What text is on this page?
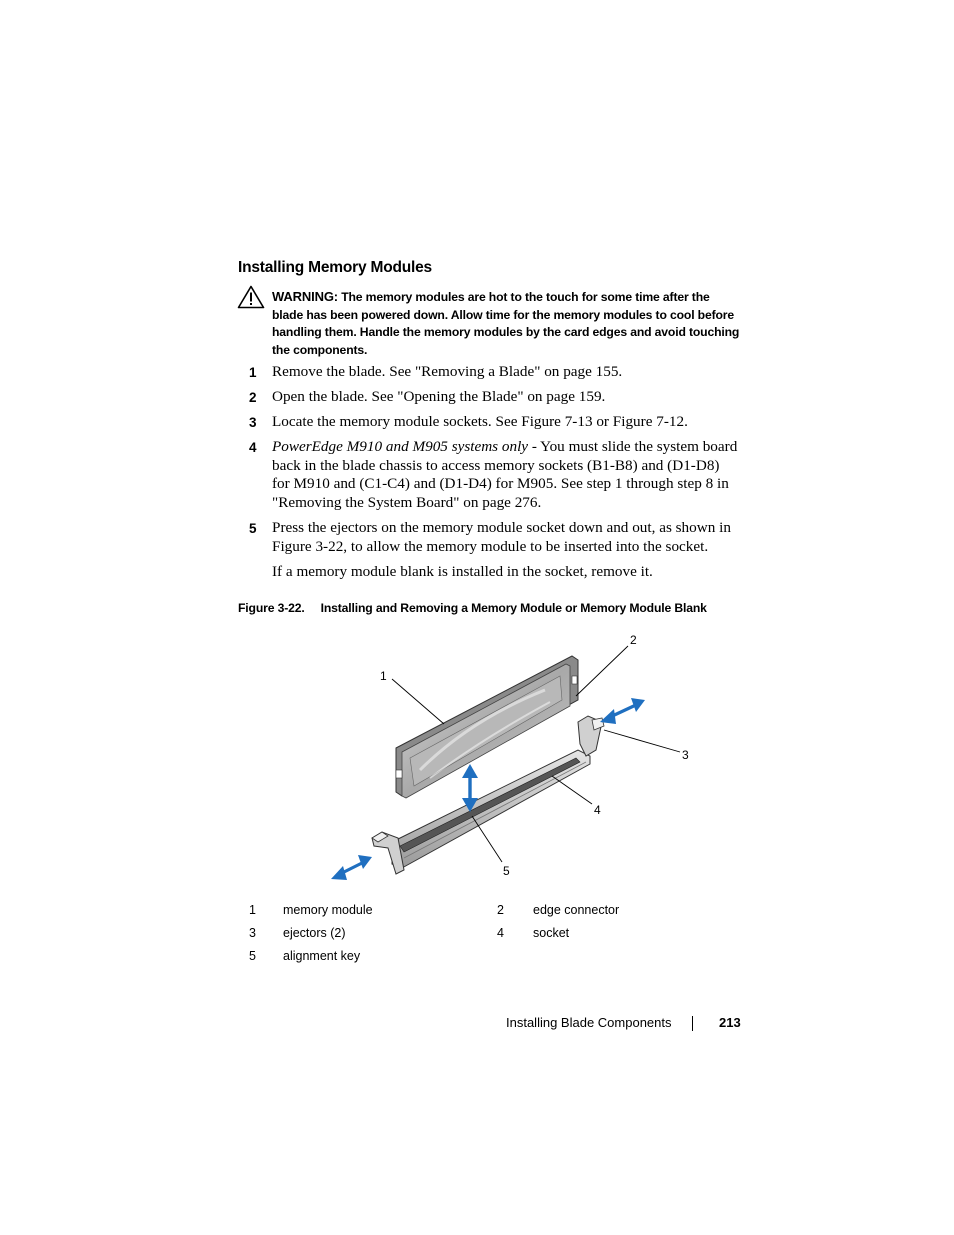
Installing Memory Modules
WARNING: The memory modules are hot to the touch for some time after the blade has been powered down. Allow time for the memory modules to cool before handling them. Handle the memory modules by the card edges and avoid touching the components.
1 Remove the blade. See "Removing a Blade" on page 155.
2 Open the blade. See "Opening the Blade" on page 159.
3 Locate the memory module sockets. See Figure 7-13 or Figure 7-12.
4 PowerEdge M910 and M905 systems only - You must slide the system board back in the blade chassis to access memory sockets (B1-B8) and (D1-D8) for M910 and (C1-C4) and (D1-D4) for M905. See step 1 through step 8 in "Removing the System Board" on page 276.
5 Press the ejectors on the memory module socket down and out, as shown in Figure 3-22, to allow the memory module to be inserted into the socket.
If a memory module blank is installed in the socket, remove it.
Figure 3-22. Installing and Removing a Memory Module or Memory Module Blank
1
2
3
4
5
1 memory module	2 edge connector
3 ejectors (2)	4 socket
5 alignment key
Installing Blade Components	213
